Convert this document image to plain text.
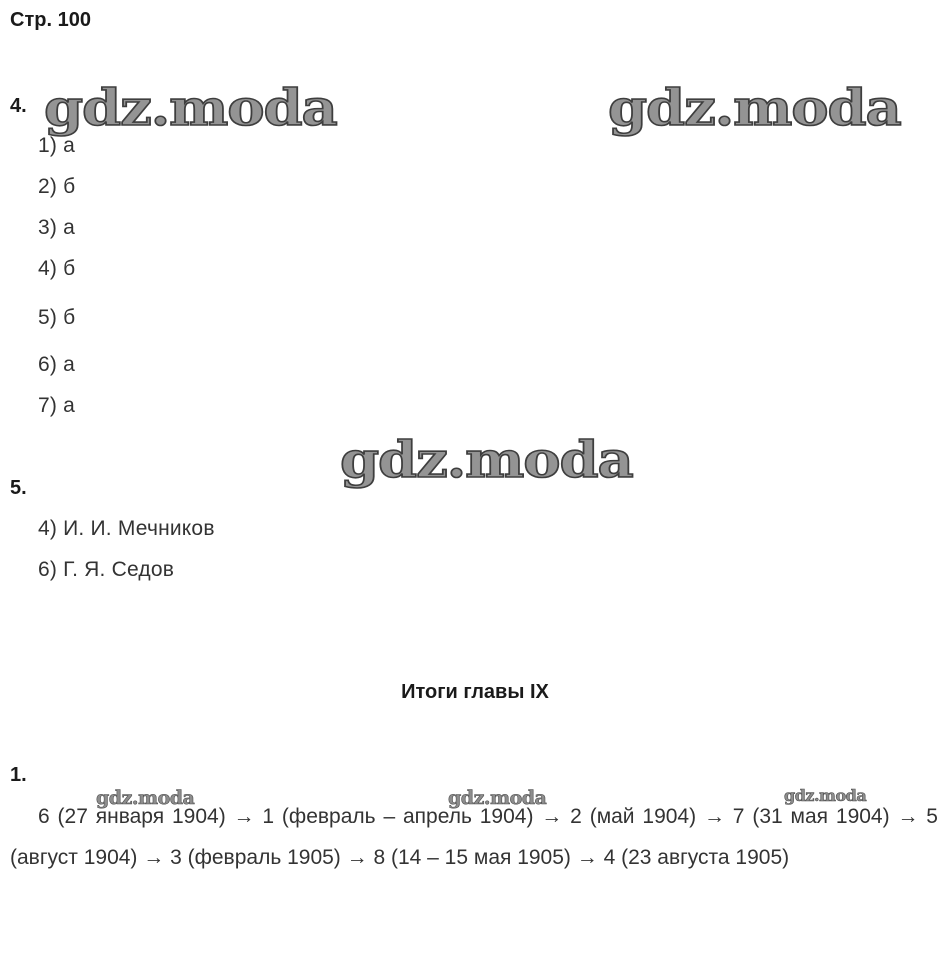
Стр. 100
4.
1) а
2) б
3) а
4) б
5) б
6) а
7) а
5.
4) И. И. Мечников
6) Г. Я. Седов
Итоги главы IX
1.
6 (27 января 1904) → 1 (февраль – апрель 1904) → 2 (май 1904) → 7 (31 мая 1904) → 5 (август 1904) → 3 (февраль 1905) → 8 (14 – 15 мая 1905) → 4 (23 августа 1905)
gdz.moda	gdz.moda
gdz.moda
gdz.moda	gdz.moda	gdz.moda
